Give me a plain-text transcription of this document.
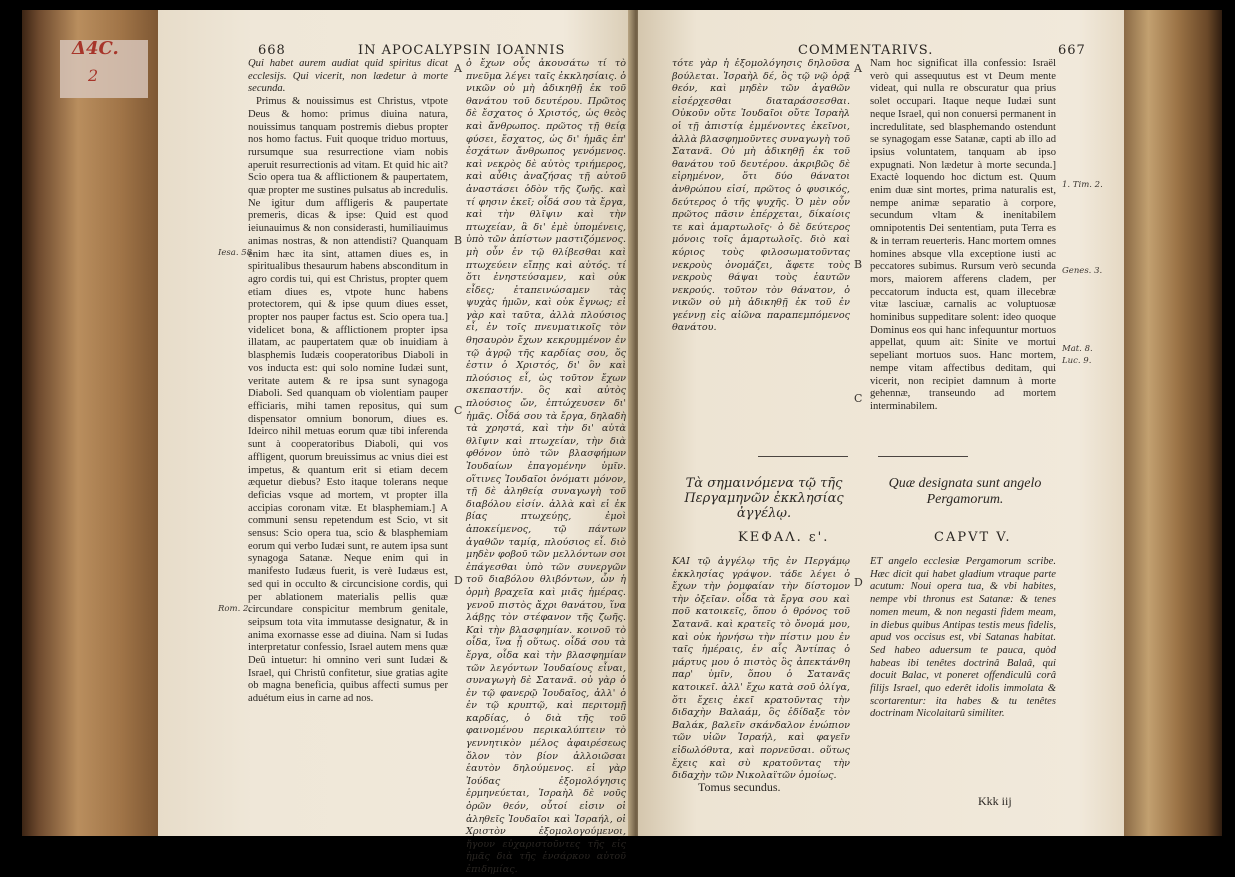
Δ4C.
2
668	IN APOCALYPSIN IOANNIS

Qui habet aurem audiat quid spiritus dicat ecclesijs. Qui vicerit, non lædetur à morte secunda.

Primus & nouissimus est Christus, vtpote Deus & homo: primus diuina natura, nouissimus tanquam postremis diebus propter nos homo factus. Fuit quoque triduo mortuus, rursumque sua resurrectione viam nobis aperuit resurrectionis ad vitam. Et quid hic ait? Scio opera tua & afflictionem & paupertatem, quæ propter me sustines pulsatus ab incredulis. Ne igitur dum affligeris & paupertate premeris, dicas & ipse: Quid est quod ieiunauimus & non considerasti, humiliauimus animas nostras, & non attendisti? Quanquam enim hæc ita sint, attamen diues es, in spiritualibus thesaurum habens absconditum in agro cordis tui, qui est Christus, propter quem etiam diues es, vtpote hunc habens protectorem, qui & ipse quum diues esset, propter nos pauper factus est. Scio opera tua.] videlicet bona, & afflictionem propter ipsa illatam, ac paupertatem quæ ob inuidiam à blasphemis Iudæis cooperatoribus Diaboli in vos inducta est: qui solo nomine Iudæi sunt, veritate autem & re ipsa sunt synagoga Diaboli. Sed quanquam ob violentiam pauper efficiaris, mihi tamen repositus, qui sum dispensator omnium bonorum, diues es. Ideirco nihil metuas eorum quæ tibi inferenda sunt à cooperatoribus Diaboli, qui vos affligent, quorum breuissimus ac vnius diei est impetus, & quantum erit si etiam decem æquetur diebus? Esto itaque tolerans neque deficias vsque ad mortem, vt propter illa accipias coronam vitæ. Et blasphemiam.] A communi sensu repetendum est Scio, vt sit sensus: Scio opera tua, scio & blasphemiam eorum qui verbo Iudæi sunt, re autem ipsa sunt synagoga Satanæ. Neque enim qui in manifesto Iudæus fuerit, is verè Iudæus est, sed qui in occulto & circuncisione cordis, qui per ablationem materialis pellis quæ circundare conspicitur membrum genitale, seipsum tota vita immutasse designatur, & in anima exornasse esse ad diuina. Nam si Iudas interpretatur confessio, Israel autem mens quæ Deû intuetur: hi omnino veri sunt Iudæi & Israel, qui Christû confitetur, siue gratias agite ob magna beneficia, quibus affecti sumus per aduétum eius in carne ad nos.

Iesa. 58.
Rom. 2.
A
B
C
D
ὁ ἔχων οὖς ἀκουσάτω τί τὸ πνεῦμα λέγει ταῖς ἐκκλησίαις. ὁ νικῶν οὐ μὴ ἀδικηθῇ ἐκ τοῦ θανάτου τοῦ δευτέρου. Πρῶτος δὲ ἔσχατος ὁ Χριστός, ὡς θεὸς καὶ ἄνθρωπος. πρῶτος τῇ θείᾳ φύσει, ἔσχατος, ὡς δι' ἡμᾶς ἐπ' ἐσχάτων ἄνθρωπος γενόμενος. καὶ νεκρὸς δὲ αὐτὸς τριήμερος, καὶ αὖθις ἀναζήσας τῇ αὐτοῦ ἀναστάσει ὁδὸν τῆς ζωῆς. καὶ τί φησιν ἐκεῖ; οἶδά σου τὰ ἔργα, καὶ τὴν θλῖψιν καὶ τὴν πτωχείαν, ἃ δι' ἐμὲ ὑπομένεις, ὑπὸ τῶν ἀπίστων μαστιζόμενος. μὴ οὖν ἐν τῷ θλίβεσθαι καὶ πτωχεύειν εἴπῃς καὶ αὐτός. τί ὅτι ἐνηστεύσαμεν, καὶ οὐκ εἶδες; ἐταπεινώσαμεν τὰς ψυχὰς ἡμῶν, καὶ οὐκ ἔγνως; εἰ γὰρ καὶ ταῦτα, ἀλλὰ πλούσιος εἶ, ἐν τοῖς πνευματικοῖς τὸν θησαυρὸν ἔχων κεκρυμμένον ἐν τῷ ἀγρῷ τῆς καρδίας σου, ὅς ἐστιν ὁ Χριστός, δι' ὃν καὶ πλούσιος εἶ, ὡς τοῦτον ἔχων σκεπαστήν. ὃς καὶ αὐτὸς πλούσιος ὤν, ἐπτώχευσεν δι' ἡμᾶς. Οἶδά σου τὰ ἔργα, δηλαδὴ τὰ χρηστά, καὶ τὴν δι' αὐτὰ θλῖψιν καὶ πτωχείαν, τὴν διὰ φθόνον ὑπὸ τῶν βλασφήμων Ἰουδαίων ἐπαγομένην ὑμῖν. οἵτινες Ἰουδαῖοι ὀνόματι μόνον, τῇ δὲ ἀληθείᾳ συναγωγὴ τοῦ διαβόλου εἰσίν. ἀλλὰ καὶ εἰ ἐκ βίας πτωχεύῃς, ἐμοὶ ἀποκείμενος, τῷ πάντων ἀγαθῶν ταμίᾳ, πλούσιος εἶ. διὸ μηδὲν φοβοῦ τῶν μελλόντων σοι ἐπάγεσθαι ὑπὸ τῶν συνεργῶν τοῦ διαβόλου θλιβόντων, ὧν ἡ ὁρμὴ βραχεῖα καὶ μιᾶς ἡμέρας. γενοῦ πιστὸς ἄχρι θανάτου, ἵνα λάβῃς τὸν στέφανον τῆς ζωῆς. Καὶ τὴν βλασφημίαν. κοινοῦ τὸ οἶδα, ἵνα ᾖ οὕτως. οἶδά σου τὰ ἔργα, οἶδα καὶ τὴν βλασφημίαν τῶν λεγόντων Ἰουδαίους εἶναι, συναγωγὴ δὲ Σατανᾶ. οὐ γὰρ ὁ ἐν τῷ φανερῷ Ἰουδαῖος, ἀλλ' ὁ ἐν τῷ κρυπτῷ, καὶ περιτομῇ καρδίας, ὁ διὰ τῆς τοῦ φαινομένου περικαλύπτειν τὸ γεννητικὸν μέλος ἀφαιρέσεως ὅλον τὸν βίον ἀλλοιῶσαι ἑαυτὸν δηλούμενος. εἰ γὰρ Ἰούδας ἐξομολόγησις ἑρμηνεύεται, Ἰσραὴλ δὲ νοῦς ὁρῶν θεόν, οὗτοί εἰσιν οἱ ἀληθεῖς Ἰουδαῖοι καὶ Ἰσραήλ, οἱ Χριστὸν ἐξομολογούμενοι, ἤγουν εὐχαριστοῦντες τῆς εἰς ἡμᾶς διὰ τῆς ἐνσάρκου αὐτοῦ ἐπιδημίας.
COMMENTARIVS.	667
τότε γὰρ ἡ ἐξομολόγησις δηλοῦσα βούλεται. Ἰσραὴλ δέ, ὃς τῷ νῷ ὁρᾷ θεόν, καὶ μηδὲν τῶν ἀγαθῶν εἰσέρχεσθαι διαταράσσεσθαι. Οὐκοῦν οὔτε Ἰουδαῖοι οὔτε Ἰσραὴλ οἱ τῇ ἀπιστίᾳ ἐμμένοντες ἐκεῖνοι, ἀλλὰ βλασφημοῦντες συναγωγὴ τοῦ Σατανᾶ. Οὐ μὴ ἀδικηθῇ ἐκ τοῦ θανάτου τοῦ δευτέρου. ἀκριβῶς δὲ εἰρημένον, ὅτι δύο θάνατοι ἀνθρώπου εἰσί, πρῶτος ὁ φυσικός, δεύτερος ὁ τῆς ψυχῆς. Ὁ μὲν οὖν πρῶτος πᾶσιν ἐπέρχεται, δίκαίοις τε καὶ ἁμαρτωλοῖς· ὁ δὲ δεύτερος μόνοις τοῖς ἁμαρτωλοῖς. διὸ καὶ κύριος τοὺς φιλοσωματοῦντας νεκροὺς ὀνομάζει, ἄφετε τοὺς νεκροὺς θάψαι τοὺς ἑαυτῶν νεκρούς. τοῦτον τὸν θάνατον, ὁ νικῶν οὐ μὴ ἀδικηθῇ ἐκ τοῦ ἐν γεέννῃ εἰς αἰῶνα παραπεμπόμενος θανάτου.
A
B
C
D
Nam hoc significat illa confessio: Israël verò qui assequutus est vt Deum mente videat, qui nulla re obscuratur qua prius solet occupari. Itaque neque Iudæi sunt neque Israel, qui non conuersi permanent in incredulitate, sed blasphemando ostendunt se synagogam esse Satanæ, capti ab illo ad ipsius voluntatem, tanquam ab ipso expugnati. Non lædetur à morte secunda.] Exactè loquendo hoc dictum est. Quum enim duæ sint mortes, prima naturalis est, nempe animæ separatio à corpore, secundum vltam & inenitabilem omnipotentis Dei sententiam, puta Terra es & in terram reuerteris. Hanc mortem omnes homines absque vlla exceptione iusti ac peccatores subimus. Rursum verò secunda mors, maiorem afferens cladem, per peccatorum inducta est, quam illecebræ vitæ lasciuæ, carnalis ac voluptuosæ hominibus suppeditare solent: ideo quoque Dominus eos qui hanc infequuntur mortuos appellat, quum ait: Sinite ve mortui sepeliant mortuos suos. Hanc mortem, nempe vitam affectibus deditam, qui vicerit, non recipiet damnum à morte gehennæ, transeundo ad mortem interminabilem.
1. Tim. 2.
Genes. 3.
Mat. 8.
Luc. 9.
Τὰ σημαινόμενα τῷ τῆς Περγαμηνῶν ἐκκλησίας ἀγγέλῳ.
Quæ designata sunt angelo Pergamorum.
ΚΕΦΑΛ. ε'.	CAPVT V.
ΚΑΙ τῷ ἀγγέλῳ τῆς ἐν Περγάμῳ ἐκκλησίας γράψον. τάδε λέγει ὁ ἔχων τὴν ῥομφαίαν τὴν δίστομον τὴν ὀξεῖαν. οἶδα τὰ ἔργα σου καὶ ποῦ κατοικεῖς, ὅπου ὁ θρόνος τοῦ Σατανᾶ. καὶ κρατεῖς τὸ ὄνομά μου, καὶ οὐκ ἠρνήσω τὴν πίστιν μου ἐν ταῖς ἡμέραις, ἐν αἷς Ἀντίπας ὁ μάρτυς μου ὁ πιστὸς ὃς ἀπεκτάνθη παρ' ὑμῖν, ὅπου ὁ Σατανᾶς κατοικεῖ. ἀλλ' ἔχω κατὰ σοῦ ὀλίγα, ὅτι ἔχεις ἐκεῖ κρατοῦντας τὴν διδαχὴν Βαλαάμ, ὃς ἐδίδαξε τὸν Βαλάκ, βαλεῖν σκάνδαλον ἐνώπιον τῶν υἱῶν Ἰσραήλ, καὶ φαγεῖν εἰδωλόθυτα, καὶ πορνεῦσαι. οὕτως ἔχεις καὶ σὺ κρατοῦντας τὴν διδαχὴν τῶν Νικολαϊτῶν ὁμοίως.
ET angelo ecclesiæ Pergamorum scribe. Hæc dicit qui habet gladium vtraque parte acutum: Noui opera tua, & vbi habites, nempe vbi thronus est Satanæ: & tenes nomen meum, & non negasti fidem meam, in diebus quibus Antipas testis meus fidelis, apud vos occisus est, vbi Satanas habitat. Sed habeo aduersum te pauca, quòd habeas ibi tenêtes doctrinâ Balaâ, qui docuit Balac, vt poneret offendiculû corâ filijs Israel, quo ederêt idolis immolata & scortarentur: ita habes & tu tenêtes doctrinam Nicolaitarû similiter.
Tomus secundus.
Kkk iij
